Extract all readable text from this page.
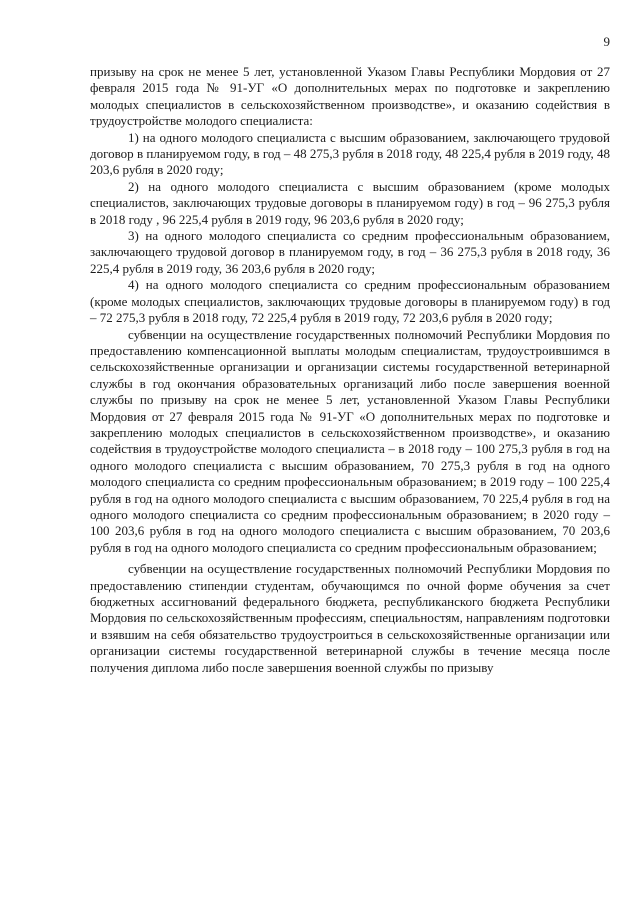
9

призыву на срок не менее 5 лет, установленной Указом Главы Республики Мордовия от 27 февраля 2015 года № 91-УГ «О дополнительных мерах по подготовке и закреплению молодых специалистов в сельскохозяйственном производстве», и оказанию содействия в трудоустройстве молодого специалиста:

1) на одного молодого специалиста с высшим образованием, заключающего трудовой договор в планируемом году, в год – 48 275,3 рубля в 2018 году, 48 225,4 рубля в 2019 году, 48 203,6 рубля в 2020 году;

2) на одного молодого специалиста с высшим образованием (кроме молодых специалистов, заключающих трудовые договоры в планируемом году) в год – 96 275,3 рубля в 2018 году , 96 225,4 рубля в 2019 году, 96 203,6 рубля в 2020 году;

3) на одного молодого специалиста со средним профессиональным образованием, заключающего трудовой договор в планируемом году, в год – 36 275,3 рубля в 2018 году, 36 225,4 рубля в 2019 году, 36 203,6 рубля в 2020 году;

4) на одного молодого специалиста со средним профессиональным образованием (кроме молодых специалистов, заключающих трудовые договоры в планируемом году) в год – 72 275,3 рубля в 2018 году, 72 225,4 рубля в 2019 году, 72 203,6 рубля в 2020 году;

субвенции на осуществление государственных полномочий Республики Мордовия по предоставлению компенсационной выплаты молодым специалистам, трудоустроившимся в сельскохозяйственные организации и организации системы государственной ветеринарной службы в год окончания образовательных организаций либо после завершения военной службы по призыву на срок не менее 5 лет, установленной Указом Главы Республики Мордовия от 27 февраля 2015 года № 91-УГ «О дополнительных мерах по подготовке и закреплению молодых специалистов в сельскохозяйственном производстве», и оказанию содействия в трудоустройстве молодого специалиста – в 2018 году – 100 275,3 рубля в год на одного молодого специалиста с высшим образованием, 70 275,3 рубля в год на одного молодого специалиста со средним профессиональным образованием; в 2019 году – 100 225,4 рубля в год на одного молодого специалиста с высшим образованием, 70 225,4 рубля в год на одного молодого специалиста со средним профессиональным образованием; в 2020 году – 100 203,6 рубля в год на одного молодого специалиста с высшим образованием, 70 203,6 рубля в год на одного молодого специалиста со средним профессиональным образованием;

субвенции на осуществление государственных полномочий Республики Мордовия по предоставлению стипендии студентам, обучающимся по очной форме обучения за счет бюджетных ассигнований федерального бюджета, республиканского бюджета Республики Мордовия по сельскохозяйственным профессиям, специальностям, направлениям подготовки и взявшим на себя обязательство трудоустроиться в сельскохозяйственные организации или организации системы государственной ветеринарной службы в течение месяца после получения диплома либо после завершения военной службы по призыву
